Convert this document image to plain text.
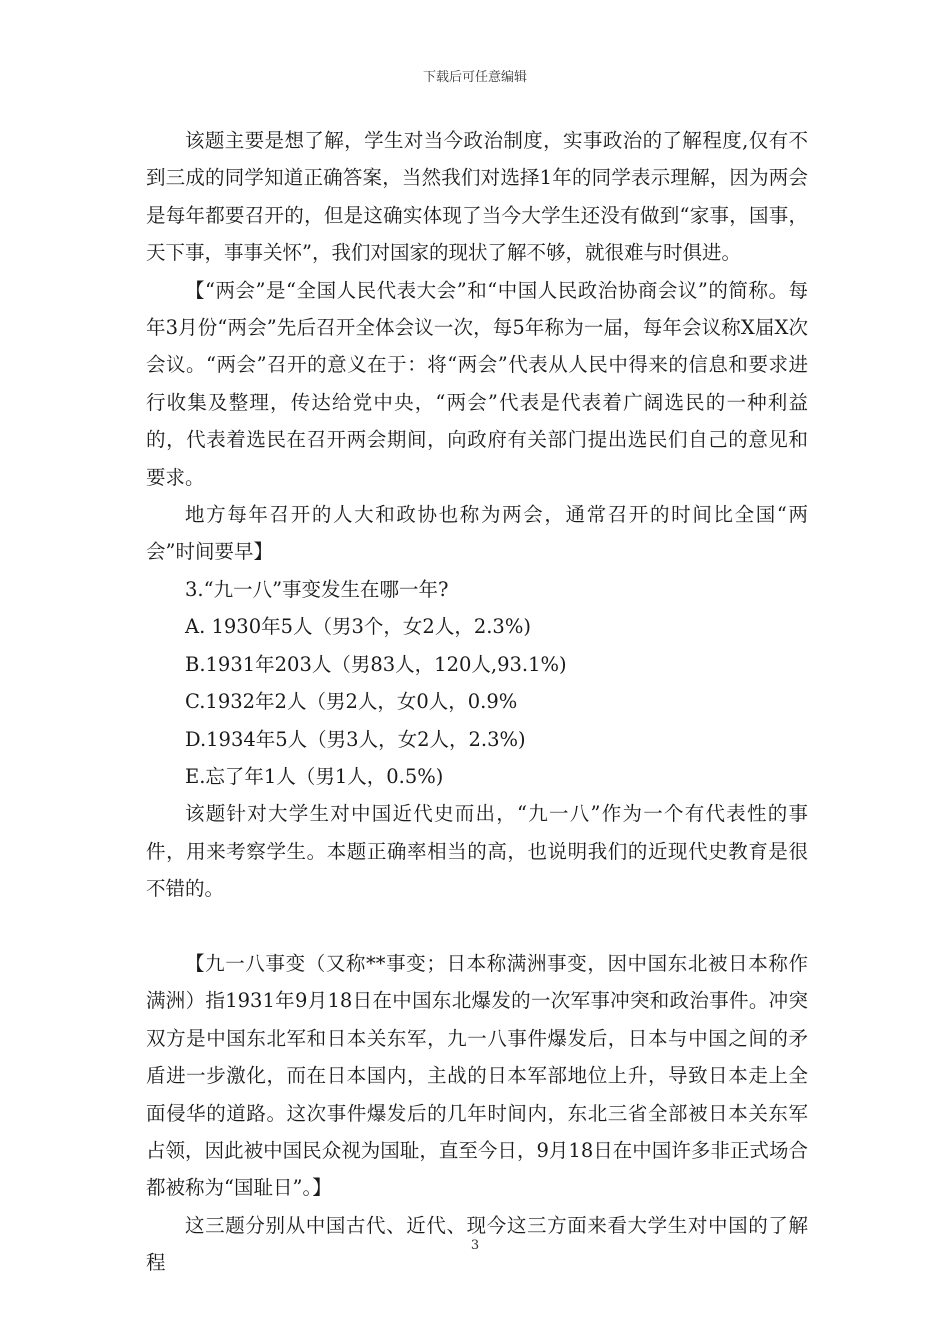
下载后可任意编辑

该题主要是想了解，学生对当今政治制度，实事政治的了解程度,仅有不到三成的同学知道正确答案，当然我们对选择1年的同学表示理解，因为两会是每年都要召开的，但是这确实体现了当今大学生还没有做到“家事，国事，天下事，事事关怀”，我们对国家的现状了解不够，就很难与时俱进。

【“两会”是“全国人民代表大会”和“中国人民政治协商会议”的简称。每年3月份“两会”先后召开全体会议一次，每5年称为一届，每年会议称X届X次会议。“两会”召开的意义在于：将“两会”代表从人民中得来的信息和要求进行收集及整理，传达给党中央，“两会”代表是代表着广阔选民的一种利益的，代表着选民在召开两会期间，向政府有关部门提出选民们自己的意见和要求。

地方每年召开的人大和政协也称为两会，通常召开的时间比全国“两会”时间要早】

3.“九一八”事变发生在哪一年?

A. 1930年5人（男3个，女2人，2.3%)

B.1931年203人（男83人，120人,93.1%)

C.1932年2人（男2人，女0人，0.9%

D.1934年5人（男3人，女2人，2.3%)

E.忘了年1人（男1人，0.5%)

该题针对大学生对中国近代史而出，“九一八”作为一个有代表性的事件，用来考察学生。本题正确率相当的高，也说明我们的近现代史教育是很不错的。

【九一八事变（又称**事变；日本称满洲事变，因中国东北被日本称作满洲）指1931年9月18日在中国东北爆发的一次军事冲突和政治事件。冲突双方是中国东北军和日本关东军，九一八事件爆发后，日本与中国之间的矛盾进一步激化，而在日本国内，主战的日本军部地位上升，导致日本走上全面侵华的道路。这次事件爆发后的几年时间内，东北三省全部被日本关东军占领，因此被中国民众视为国耻，直至今日，9月18日在中国许多非正式场合都被称为“国耻日”。】

这三题分别从中国古代、近代、现今这三方面来看大学生对中国的了解程

3
